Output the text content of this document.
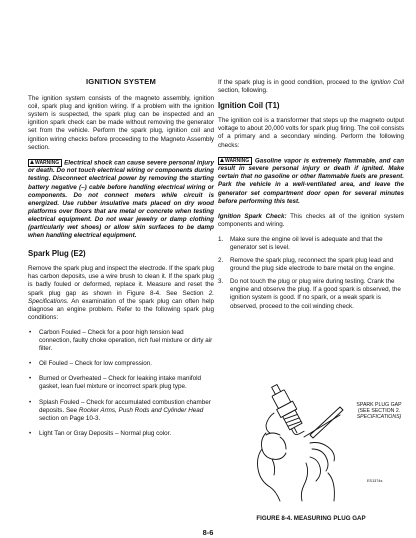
IGNITION SYSTEM

The ignition system consists of the magneto assembly, ignition coil, spark plug and ignition wiring. If a problem with the ignition system is suspected, the spark plug can be inspected and an ignition spark check can be made without removing the generator set from the vehicle. Perform the spark plug, ignition coil and ignition wiring checks before proceeding to the Magneto Assembly section.

WARNING Electrical shock can cause severe personal injury or death. Do not touch electrical wiring or components during testing. Disconnect electrical power by removing the starting battery negative (–) cable before handling electrical wiring or components. Do not connect meters while circuit is energized. Use rubber insulative mats placed on dry wood platforms over floors that are metal or concrete when testing electrical equipment. Do not wear jewelry or damp clothing (particularly wet shoes) or allow skin surfaces to be damp when handling electrical equipment.

Spark Plug (E2)

Remove the spark plug and inspect the electrode. If the spark plug has carbon deposits, use a wire brush to clean it. If the spark plug is badly fouled or deformed, replace it. Measure and reset the spark plug gap as shown in Figure 8-4. See Section 2. Specifications. An examination of the spark plug can often help diagnose an engine problem. Refer to the following spark plug conditions:

• Carbon Fouled – Check for a poor high tension lead connection, faulty choke operation, rich fuel mixture or dirty air filter.
• Oil Fouled – Check for low compression.
• Burned or Overheated – Check for leaking intake manifold gasket, lean fuel mixture or incorrect spark plug type.
• Splash Fouled – Check for accumulated combustion chamber deposits. See Rocker Arms, Push Rods and Cylinder Head section on Page 10-3.
• Light Tan or Gray Deposits – Normal plug color.

If the spark plug is in good condition, proceed to the Ignition Coil section, following.

Ignition Coil (T1)

The ignition coil is a transformer that steps up the magneto output voltage to about 20,000 volts for spark plug firing. The coil consists of a primary and a secondary winding. Perform the following checks:

WARNING Gasoline vapor is extremely flammable, and can result in severe personal injury or death if ignited. Make certain that no gasoline or other flammable fuels are present. Park the vehicle in a well-ventilated area, and leave the generator set compartment door open for several minutes before performing this test.

Ignition Spark Check: This checks all of the ignition system components and wiring.

1. Make sure the engine oil level is adequate and that the generator set is level.
2. Remove the spark plug, reconnect the spark plug lead and ground the plug side electrode to bare metal on the engine.
3. Do not touch the plug or plug wire during testing. Crank the engine and observe the plug. If a good spark is observed, the ignition system is good. If no spark, or a weak spark is observed, proceed to the coil winding check.
SPARK PLUG GAP
(SEE SECTION 2.
SPECIFICATIONS)
ES1374s
FIGURE 8-4. MEASURING PLUG GAP
8-6
